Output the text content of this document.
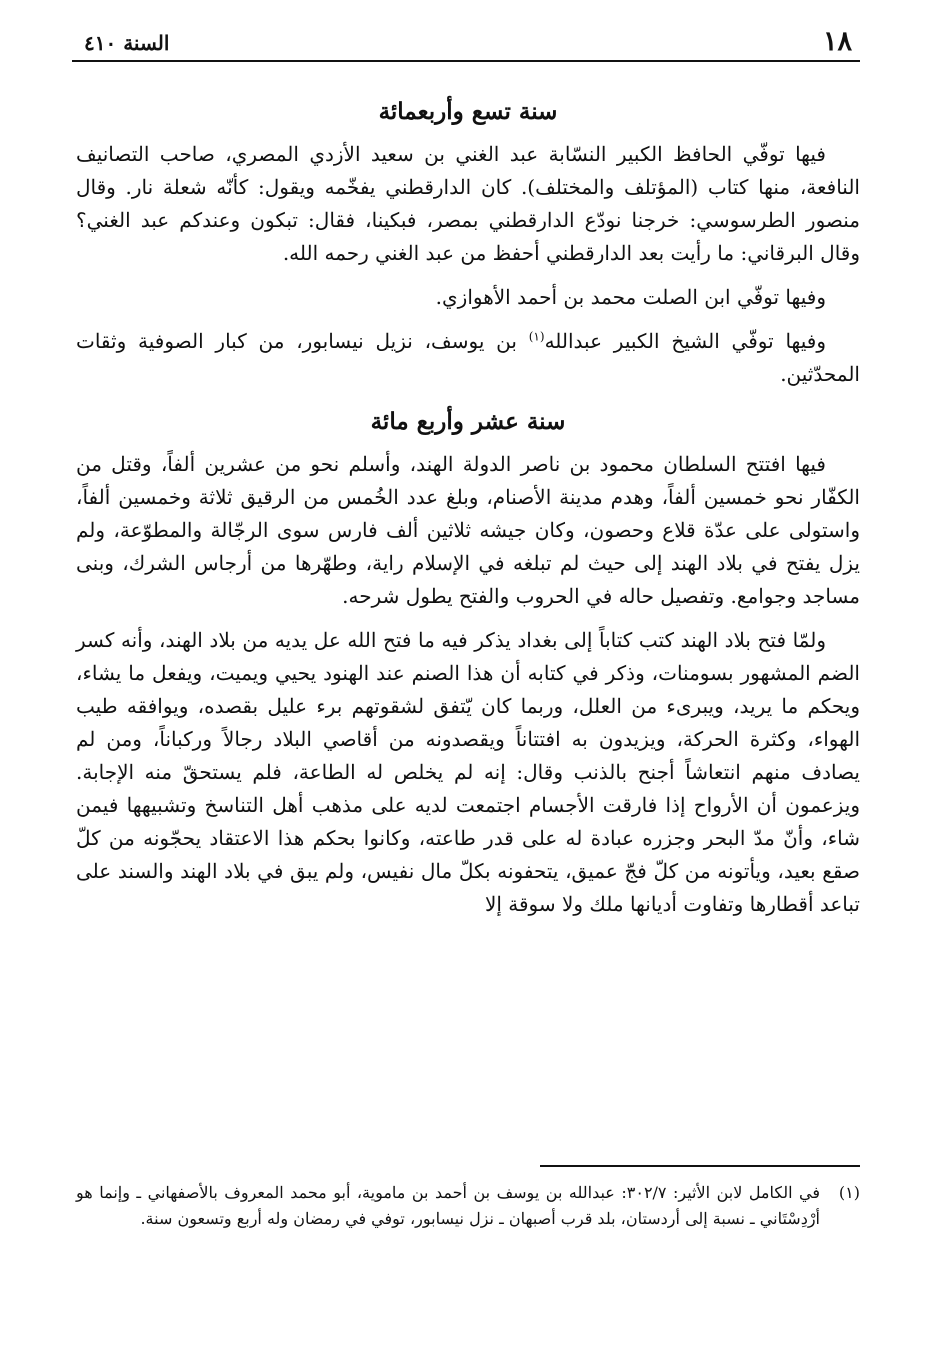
١٨
السنة ٤١٠
سنة تسع وأربعمائة

فيها توفّي الحافظ الكبير النسّابة عبد الغني بن سعيد الأزدي المصري، صاحب التصانيف النافعة، منها كتاب (المؤتلف والمختلف). كان الدارقطني يفخّمه ويقول: كأنّه شعلة نار. وقال منصور الطرسوسي: خرجنا نودّع الدارقطني بمصر، فبكينا، فقال: تبكون وعندكم عبد الغني؟ وقال البرقاني: ما رأيت بعد الدارقطني أحفظ من عبد الغني رحمه الله.

وفيها توفّي ابن الصلت محمد بن أحمد الأهوازي.

وفيها توفّي الشيخ الكبير عبدالله$^{(١)}$ بن يوسف، نزيل نيسابور، من كبار الصوفية وثقات المحدّثين.

سنة عشر وأربع مائة

فيها افتتح السلطان محمود بن ناصر الدولة الهند، وأسلم نحو من عشرين ألفاً، وقتل من الكفّار نحو خمسين ألفاً، وهدم مدينة الأصنام، وبلغ عدد الخُمس من الرقيق ثلاثة وخمسين ألفاً، واستولى على عدّة قلاع وحصون، وكان جيشه ثلاثين ألف فارس سوى الرجّالة والمطوّعة، ولم يزل يفتح في بلاد الهند إلى حيث لم تبلغه في الإسلام راية، وطهّرها من أرجاس الشرك، وبنى مساجد وجوامع. وتفصيل حاله في الحروب والفتح يطول شرحه.

ولمّا فتح بلاد الهند كتب كتاباً إلى بغداد يذكر فيه ما فتح الله عل يديه من بلاد الهند، وأنه كسر الضم المشهور بسومنات، وذكر في كتابه أن هذا الصنم عند الهنود يحيي ويميت، ويفعل ما يشاء، ويحكم ما يريد، ويبرىء من العلل، وربما كان يّتفق لشقوتهم برء عليل بقصده، ويوافقه طيب الهواء، وكثرة الحركة، ويزيدون به افتتاناً ويقصدونه من أقاصي البلاد رجالاً وركباناً، ومن لم يصادف منهم انتعاشاً أجنح بالذنب وقال: إنه لم يخلص له الطاعة، فلم يستحقّ منه الإجابة. ويزعمون أن الأرواح إذا فارقت الأجسام اجتمعت لديه على مذهب أهل التناسخ وتشبيهها فيمن شاء، وأنّ مدّ البحر وجزره عبادة له على قدر طاعته، وكانوا بحكم هذا الاعتقاد يحجّونه من كلّ صقع بعيد، ويأتونه من كلّ فجّ عميق، يتحفونه بكلّ مال نفيس، ولم يبق في بلاد الهند والسند على تباعد أقطارها وتفاوت أديانها ملك ولا سوقة إلا

(١)
في الكامل لابن الأثير: ٣٠٢/٧: عبدالله بن يوسف بن أحمد بن ماموية، أبو محمد المعروف بالأصفهاني ـ وإنما هو أرْدِسْتَاني ـ نسبة إلى أردستان، بلد قرب أصبهان ـ نزل نيسابور، توفي في رمضان وله أربع وتسعون سنة.
